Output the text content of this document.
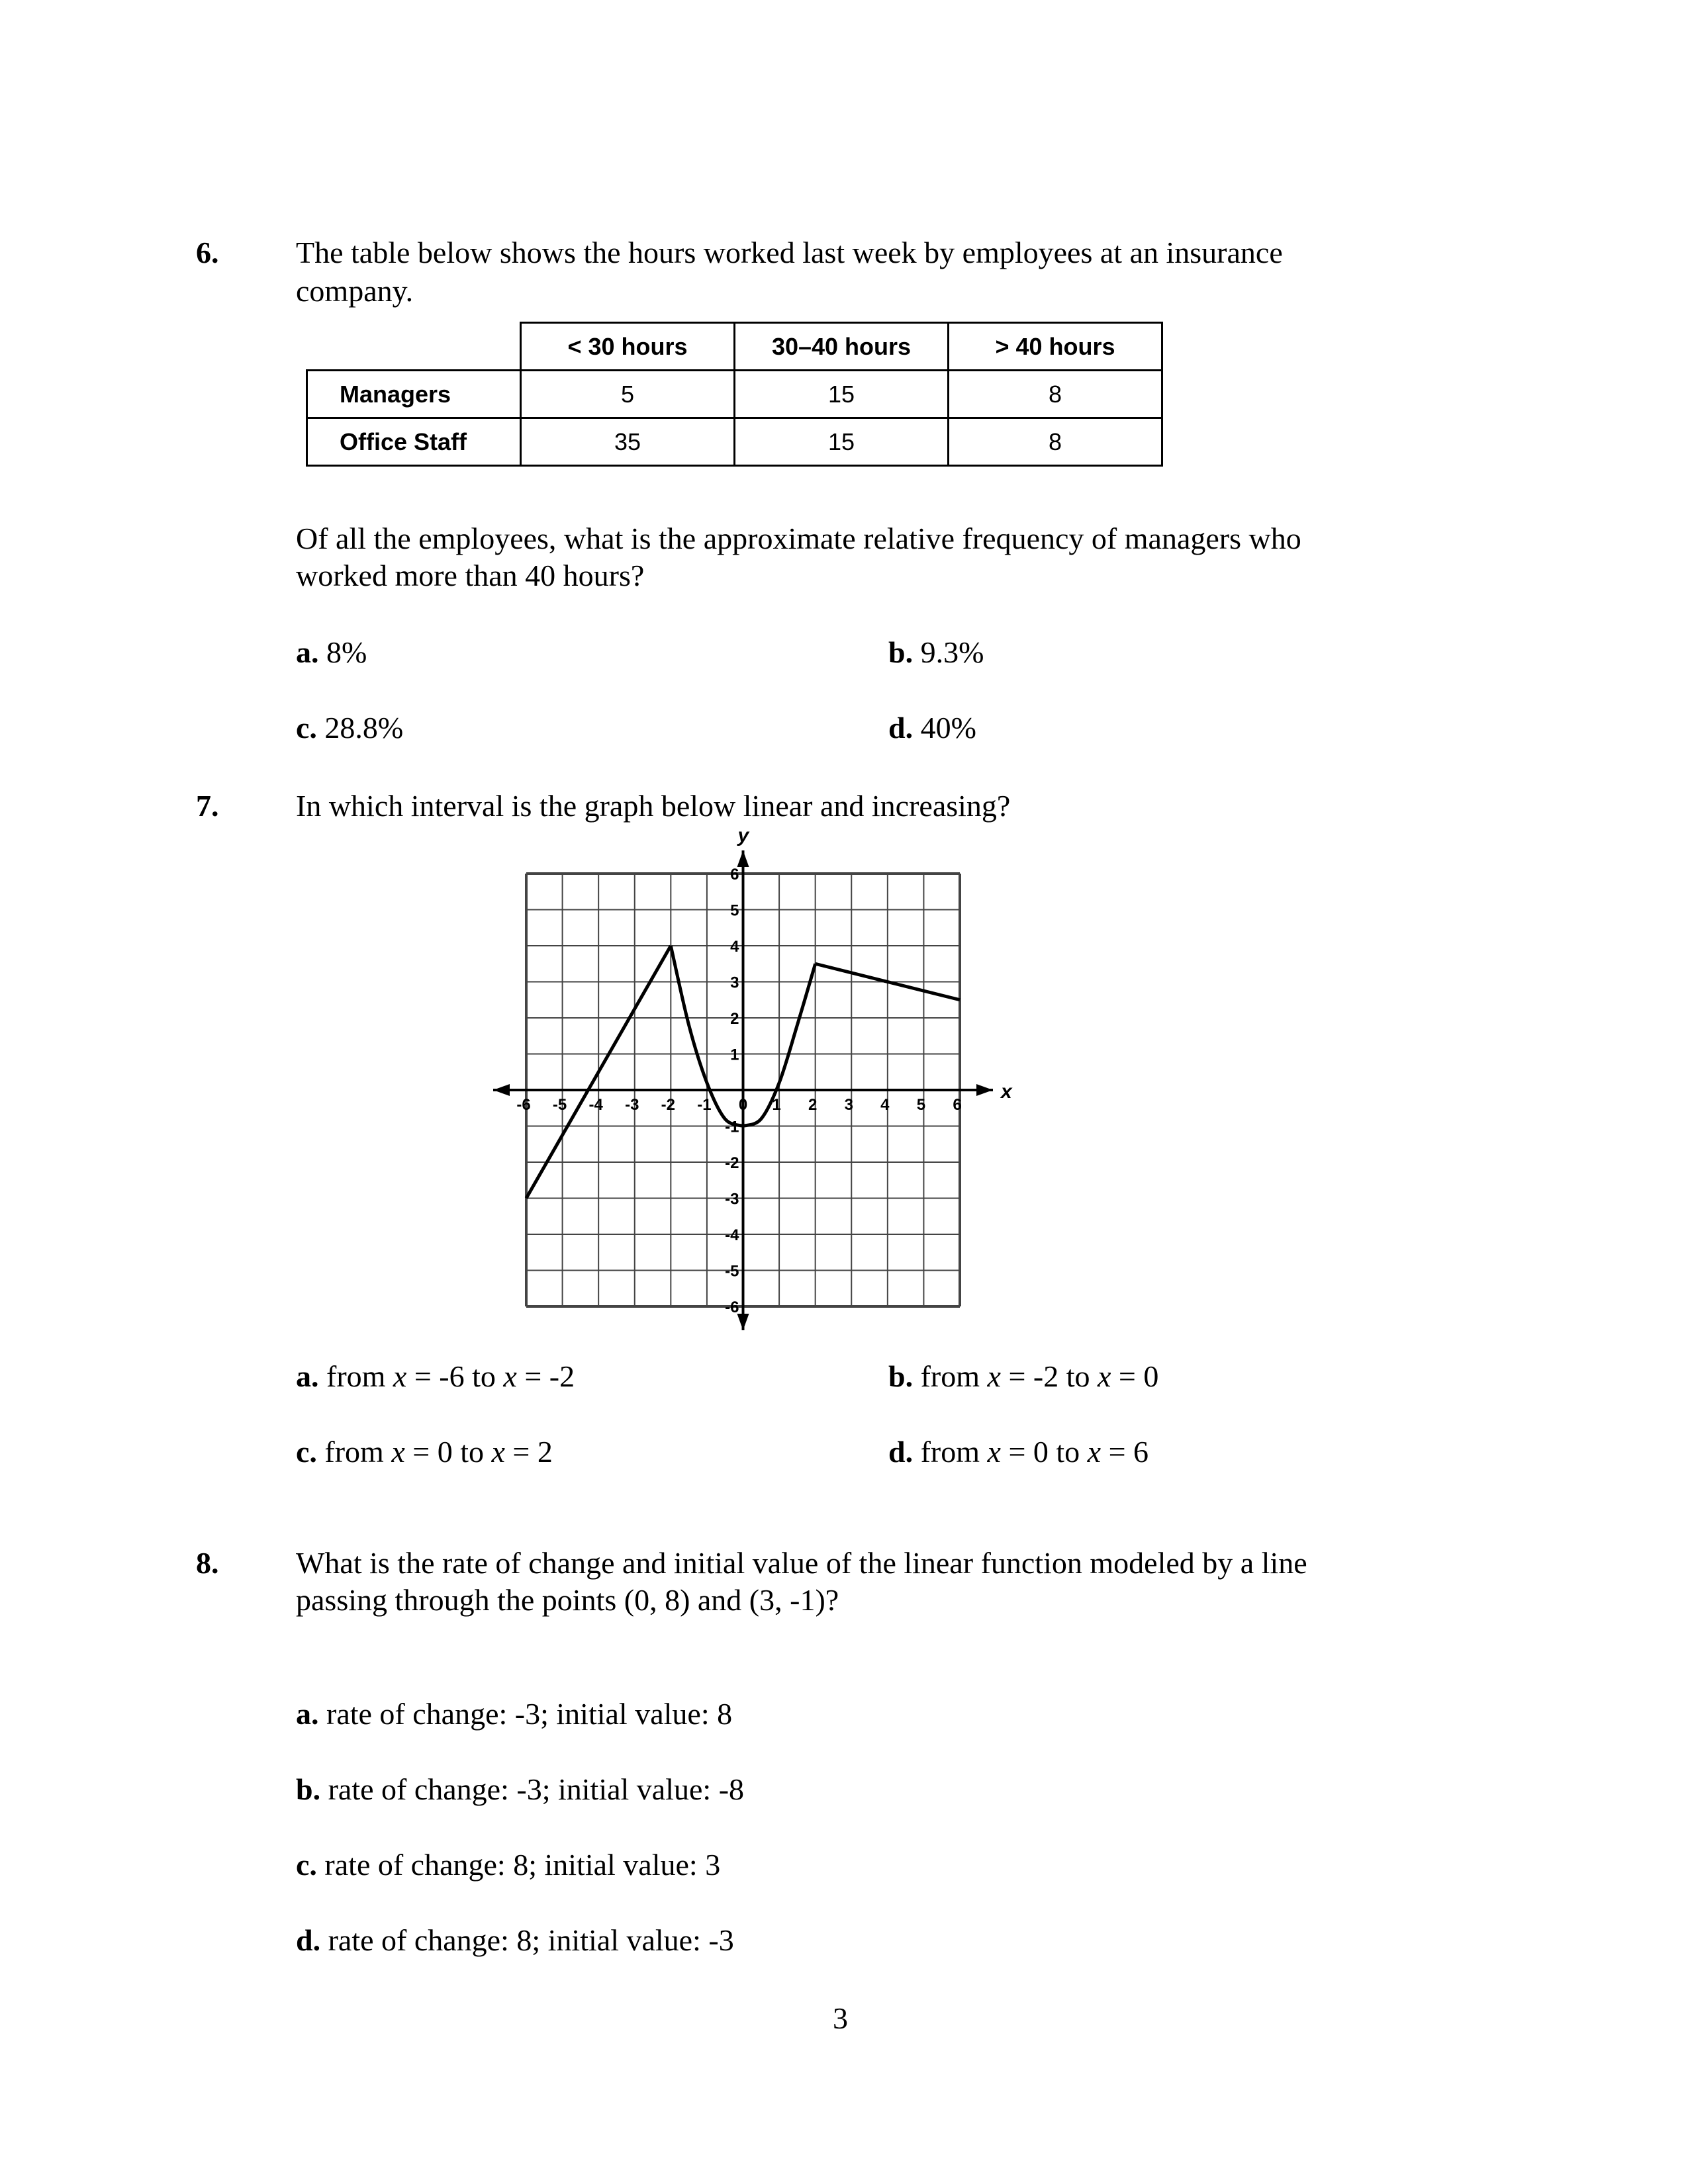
6.	The table below shows the hours worked last week by employees at an insurance
company.
	< 30 hours	30–40 hours	> 40 hours
Managers	5	15	8
Office Staff	35	15	8
Of all the employees, what is the approximate relative frequency of managers who
worked more than 40 hours?
a. 8%	b. 9.3%
c. 28.8%	d. 40%
7.	In which interval is the graph below linear and increasing?
-6 -5 -4 -3 -2 -1 0 1 2 3 4 5 6
-6
-5
-4
-3
-2
-1
1
2
3
4
5
6
x
y
a. from x = -6 to x = -2	b. from x = -2 to x = 0
c. from x = 0 to x = 2	d. from x = 0 to x = 6
8.	What is the rate of change and initial value of the linear function modeled by a line
passing through the points (0, 8) and (3, -1)?
a. rate of change: -3; initial value: 8
b. rate of change: -3; initial value: -8
c. rate of change: 8; initial value: 3
d. rate of change: 8; initial value: -3
3
